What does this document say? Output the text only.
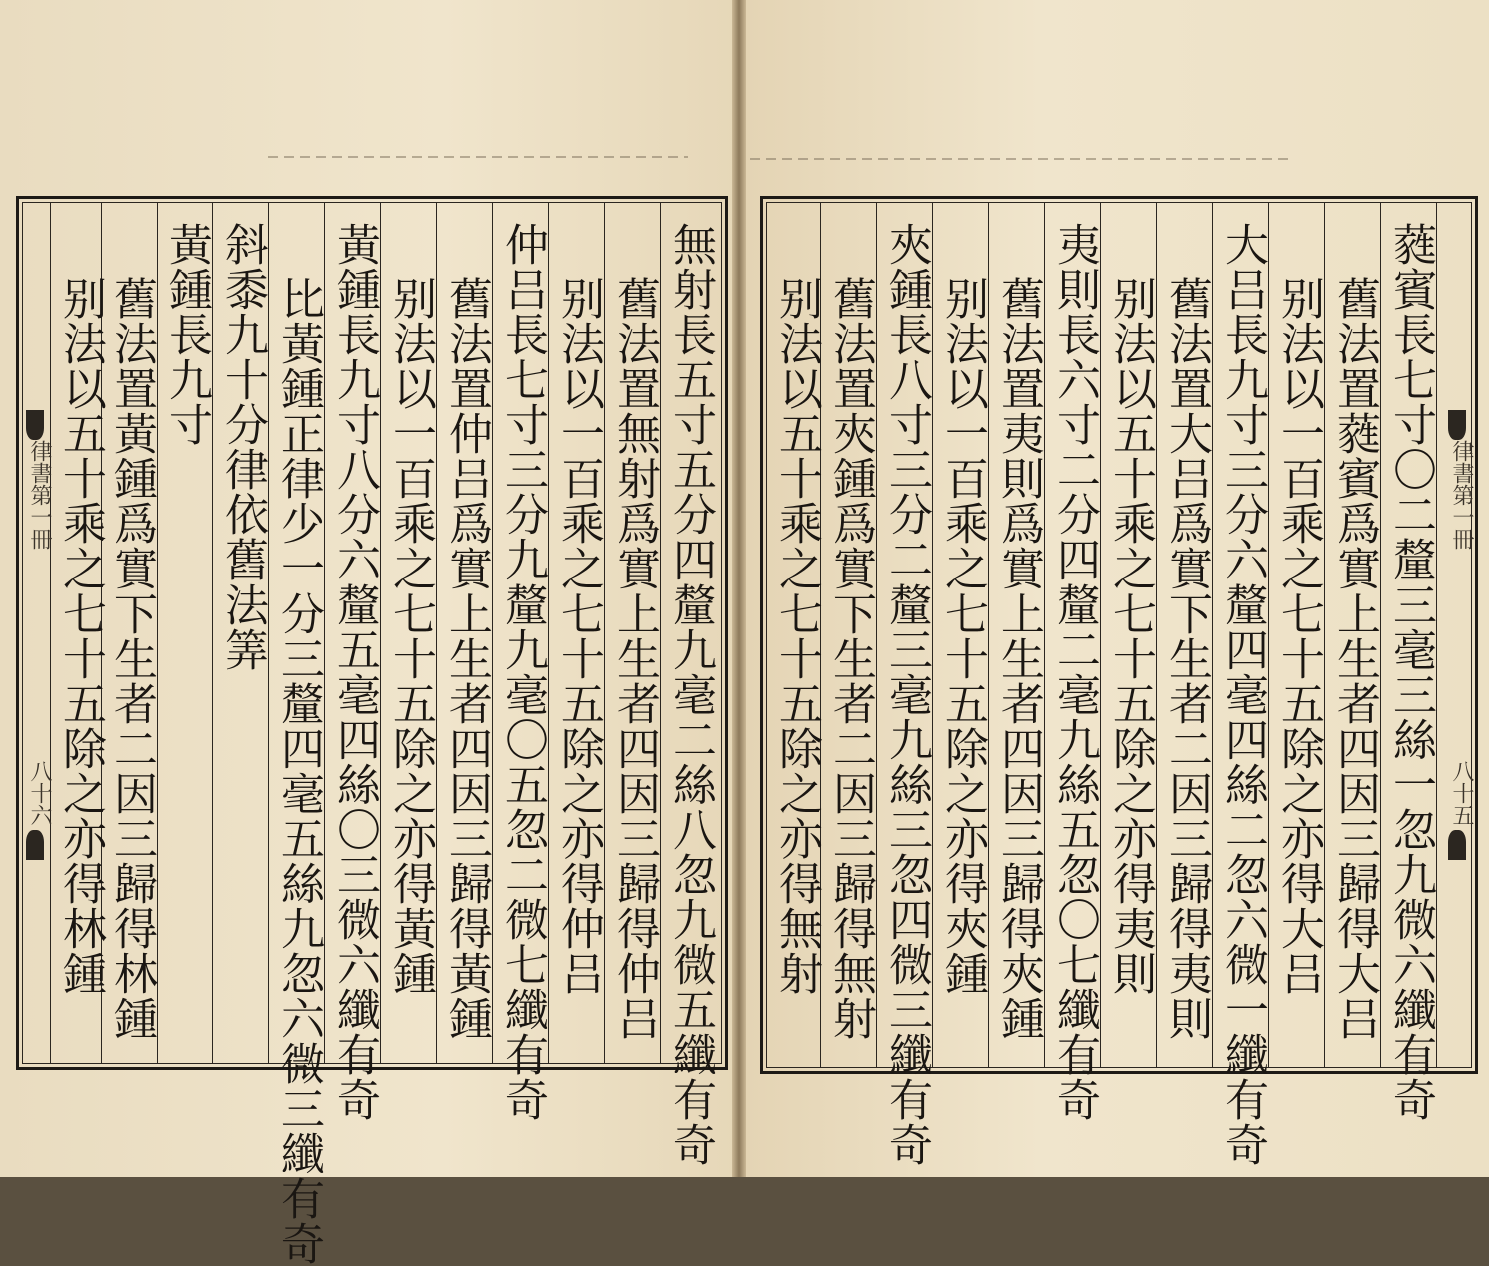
律書第一冊
八十六
律書第一冊
八十五
無射長五寸五分四釐九毫二絲八忽九微五纖有奇
舊法置無射爲實上生者四因三歸得仲吕
别法以一百乘之七十五除之亦得仲吕
仲吕長七寸三分九釐九毫〇五忽二微七纖有奇
舊法置仲吕爲實上生者四因三歸得黃鍾
别法以一百乘之七十五除之亦得黃鍾
黃鍾長九寸八分六釐五毫四絲〇三微六纖有奇
比黃鍾正律少一分三釐四毫五絲九忽六微三纖有奇
斜黍九十分律依舊法筭
黃鍾長九寸
舊法置黃鍾爲實下生者二因三歸得林鍾
别法以五十乘之七十五除之亦得林鍾	蕤賓長七寸〇二釐三毫三絲一忽九微六纖有奇
舊法置蕤賓爲實上生者四因三歸得大吕
别法以一百乘之七十五除之亦得大吕
大吕長九寸三分六釐四毫四絲二忽六微一纖有奇
舊法置大吕爲實下生者二因三歸得夷則
别法以五十乘之七十五除之亦得夷則
夷則長六寸二分四釐二毫九絲五忽〇七纖有奇
舊法置夷則爲實上生者四因三歸得夾鍾
别法以一百乘之七十五除之亦得夾鍾
夾鍾長八寸三分二釐三毫九絲三忽四微三纖有奇
舊法置夾鍾爲實下生者二因三歸得無射
别法以五十乘之七十五除之亦得無射
